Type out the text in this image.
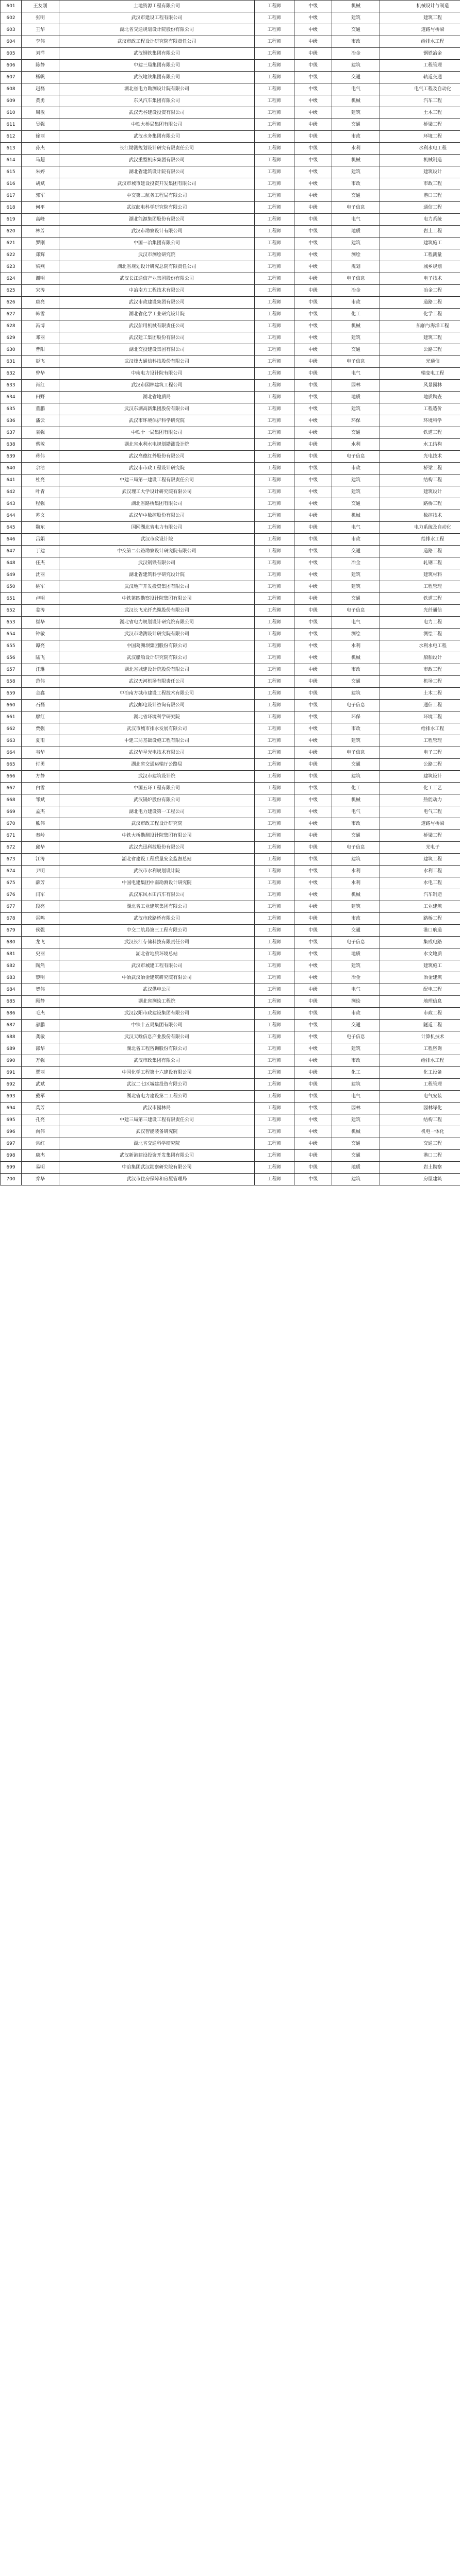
601	王友刚	土地资源工程有限公司	工程师	中级	机械	机械设计与制造
602	张明	武汉市建设工程有限公司	工程师	中级	建筑	建筑工程
603	王华	湖北省交通规划设计院股份有限公司	工程师	中级	交通	道路与桥梁
604	李伟	武汉市政工程设计研究院有限责任公司	工程师	中级	市政	给排水工程
605	刘洋	武汉钢铁集团有限公司	工程师	中级	冶金	钢铁冶金
606	陈静	中建三局集团有限公司	工程师	中级	建筑	工程管理
607	杨帆	武汉地铁集团有限公司	工程师	中级	交通	轨道交通
608	赵磊	湖北省电力勘测设计院有限公司	工程师	中级	电气	电气工程及自动化
609	黄勇	东风汽车集团有限公司	工程师	中级	机械	汽车工程
610	周敏	武汉光谷建设投资有限公司	工程师	中级	建筑	土木工程
611	吴强	中铁大桥局集团有限公司	工程师	中级	交通	桥梁工程
612	徐丽	武汉水务集团有限公司	工程师	中级	市政	环境工程
613	孙杰	长江勘测规划设计研究有限责任公司	工程师	中级	水利	水利水电工程
614	马超	武汉重型机床集团有限公司	工程师	中级	机械	机械制造
615	朱婷	湖北省建筑设计院有限公司	工程师	中级	建筑	建筑设计
616	胡斌	武汉市城市建设投资开发集团有限公司	工程师	中级	市政	市政工程
617	郭军	中交第二航务工程局有限公司	工程师	中级	交通	港口工程
618	何平	武汉邮电科学研究院有限公司	工程师	中级	电子信息	通信工程
619	高峰	湖北能源集团股份有限公司	工程师	中级	电气	电力系统
620	林芳	武汉市勘察设计有限公司	工程师	中级	地质	岩土工程
621	罗刚	中国一冶集团有限公司	工程师	中级	建筑	建筑施工
622	郑辉	武汉市测绘研究院	工程师	中级	测绘	工程测量
623	梁燕	湖北省规划设计研究总院有限责任公司	工程师	中级	规划	城乡规划
624	谢明	武汉长江通信产业集团股份有限公司	工程师	中级	电子信息	电子技术
625	宋涛	中冶南方工程技术有限公司	工程师	中级	冶金	冶金工程
626	唐亮	武汉市政建设集团有限公司	工程师	中级	市政	道路工程
627	韩雪	湖北省化学工业研究设计院	工程师	中级	化工	化学工程
628	冯博	武汉船用机械有限责任公司	工程师	中级	机械	船舶与海洋工程
629	邓丽	武汉建工集团股份有限公司	工程师	中级	建筑	建筑工程
630	曹阳	湖北交投建设集团有限公司	工程师	中级	交通	公路工程
631	彭飞	武汉烽火通信科技股份有限公司	工程师	中级	电子信息	光通信
632	曾华	中南电力设计院有限公司	工程师	中级	电气	输变电工程
633	肖红	武汉市园林建筑工程公司	工程师	中级	园林	风景园林
634	田野	湖北省地质局	工程师	中级	地质	地质勘查
635	董鹏	武汉东湖高新集团股份有限公司	工程师	中级	建筑	工程造价
636	潘云	武汉市环境保护科学研究院	工程师	中级	环保	环境科学
637	袁强	中铁十一局集团有限公司	工程师	中级	交通	铁道工程
638	蔡敏	湖北省水利水电规划勘测设计院	工程师	中级	水利	水工结构
639	蒋伟	武汉高德红外股份有限公司	工程师	中级	电子信息	光电技术
640	余洁	武汉市市政工程设计研究院	工程师	中级	市政	桥梁工程
641	杜亮	中建三局第一建设工程有限责任公司	工程师	中级	建筑	结构工程
642	叶青	武汉理工大学设计研究院有限公司	工程师	中级	建筑	建筑设计
643	程强	湖北省路桥集团有限公司	工程师	中级	交通	路桥工程
644	苏文	武汉华中数控股份有限公司	工程师	中级	机械	数控技术
645	魏东	国网湖北省电力有限公司	工程师	中级	电气	电力系统及自动化
646	吕娟	武汉市政设计院	工程师	中级	市政	给排水工程
647	丁建	中交第二公路勘察设计研究院有限公司	工程师	中级	交通	道路工程
648	任杰	武汉钢铁有限公司	工程师	中级	冶金	轧钢工程
649	沈丽	湖北省建筑科学研究设计院	工程师	中级	建筑	建筑材料
650	姚军	武汉地产开发投资集团有限公司	工程师	中级	建筑	工程管理
651	卢明	中铁第四勘察设计院集团有限公司	工程师	中级	交通	铁道工程
652	姜涛	武汉长飞光纤光缆股份有限公司	工程师	中级	电子信息	光纤通信
653	崔华	湖北省电力规划设计研究院有限公司	工程师	中级	电气	电力工程
654	钟敏	武汉市勘测设计研究院有限公司	工程师	中级	测绘	测绘工程
655	谭亮	中国葛洲坝集团股份有限公司	工程师	中级	水利	水利水电工程
656	陆飞	武汉船舶设计研究院有限公司	工程师	中级	机械	船舶设计
657	汪琳	湖北省城建设计院股份有限公司	工程师	中级	市政	市政工程
658	范伟	武汉天河机场有限责任公司	工程师	中级	交通	机场工程
659	金鑫	中冶南方城市建设工程技术有限公司	工程师	中级	建筑	土木工程
660	石磊	武汉邮电设计咨询有限公司	工程师	中级	电子信息	通信工程
661	廖红	湖北省环境科学研究院	工程师	中级	环保	环境工程
662	贾强	武汉市城市排水发展有限公司	工程师	中级	市政	给排水工程
663	夏雨	中建三局基础设施工程有限公司	工程师	中级	建筑	工程管理
664	韦华	武汉华星光电技术有限公司	工程师	中级	电子信息	电子工程
665	付勇	湖北省交通运输厅公路局	工程师	中级	交通	公路工程
666	方静	武汉市建筑设计院	工程师	中级	建筑	建筑设计
667	白雪	中国五环工程有限公司	工程师	中级	化工	化工工艺
668	邹斌	武汉锅炉股份有限公司	工程师	中级	机械	热能动力
669	孟杰	湖北电力建设第一工程公司	工程师	中级	电气	电气工程
670	熊伟	武汉市政工程设计研究院	工程师	中级	市政	道路与桥梁
671	秦岭	中铁大桥勘测设计院集团有限公司	工程师	中级	交通	桥梁工程
672	邱华	武汉光迅科技股份有限公司	工程师	中级	电子信息	光电子
673	江涛	湖北省建设工程质量安全监督总站	工程师	中级	建筑	建筑工程
674	尹明	武汉市水利规划设计院	工程师	中级	水利	水利工程
675	薛芳	中国电建集团中南勘测设计研究院	工程师	中级	水利	水电工程
676	闫军	武汉东风本田汽车有限公司	工程师	中级	机械	汽车制造
677	段亮	湖北省工业建筑集团有限公司	工程师	中级	建筑	工业建筑
678	雷鸣	武汉市政路桥有限公司	工程师	中级	市政	路桥工程
679	侯强	中交二航局第三工程有限公司	工程师	中级	交通	港口航道
680	龙飞	武汉长江存储科技有限责任公司	工程师	中级	电子信息	集成电路
681	史丽	湖北省地质环境总站	工程师	中级	地质	水文地质
682	陶然	武汉市城建工程有限公司	工程师	中级	建筑	建筑施工
683	黎明	中冶武汉冶金建筑研究院有限公司	工程师	中级	冶金	冶金建筑
684	贺伟	武汉供电公司	工程师	中级	电气	配电工程
685	顾静	湖北省测绘工程院	工程师	中级	测绘	地理信息
686	毛杰	武汉汉阳市政建设集团有限公司	工程师	中级	市政	市政工程
687	郝鹏	中铁十五局集团有限公司	工程师	中级	交通	隧道工程
688	龚敏	武汉天喻信息产业股份有限公司	工程师	中级	电子信息	计算机技术
689	邵华	湖北省工程咨询股份有限公司	工程师	中级	建筑	工程咨询
690	万强	武汉市政集团有限公司	工程师	中级	市政	给排水工程
691	覃丽	中国化学工程第十六建设有限公司	工程师	中级	化工	化工设备
692	武斌	武汉二七区城建投资有限公司	工程师	中级	建筑	工程管理
693	戴军	湖北省电力建设第二工程公司	工程师	中级	电气	电气安装
694	莫芳	武汉市园林局	工程师	中级	园林	园林绿化
695	孔亮	中建三局第三建设工程有限责任公司	工程师	中级	建筑	结构工程
696	向伟	武汉智能装备研究院	工程师	中级	机械	机电一体化
697	常红	湖北省交通科学研究院	工程师	中级	交通	交通工程
698	康杰	武汉新港建设投资开发集团有限公司	工程师	中级	交通	港口工程
699	易明	中冶集团武汉勘察研究院有限公司	工程师	中级	地质	岩土勘察
700	乔华	武汉市住房保障和房屋管理局	工程师	中级	建筑	房屋建筑
